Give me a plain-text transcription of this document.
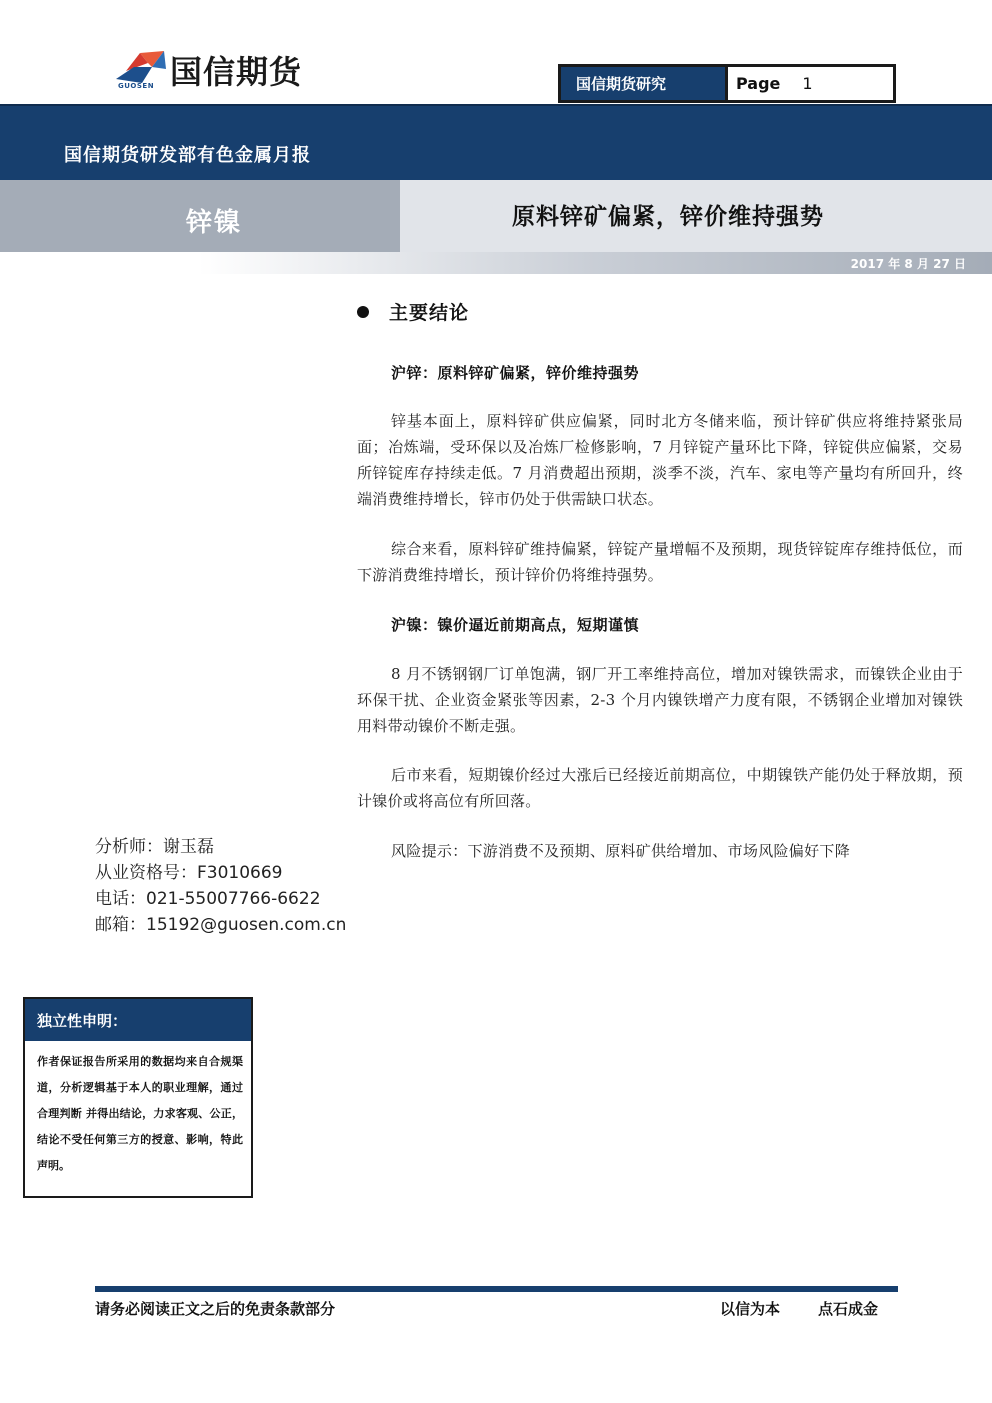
GUOSEN 国信期货	国信期货研究	Page 1
国信期货研发部有色金属月报
锌镍	原料锌矿偏紧，锌价维持强势
2017 年 8 月 27 日
主要结论
沪锌：原料锌矿偏紧，锌价维持强势

锌基本面上，原料锌矿供应偏紧，同时北方冬储来临，预计锌矿供应将维持紧张局面；冶炼端，受环保以及冶炼厂检修影响，7 月锌锭产量环比下降，锌锭供应偏紧，交易所锌锭库存持续走低。7 月消费超出预期，淡季不淡，汽车、家电等产量均有所回升，终端消费维持增长，锌市仍处于供需缺口状态。

综合来看，原料锌矿维持偏紧，锌锭产量增幅不及预期，现货锌锭库存维持低位，而下游消费维持增长，预计锌价仍将维持强势。

沪镍：镍价逼近前期高点，短期谨慎

8 月不锈钢钢厂订单饱满，钢厂开工率维持高位，增加对镍铁需求，而镍铁企业由于环保干扰、企业资金紧张等因素，2-3 个月内镍铁增产力度有限，不锈钢企业增加对镍铁用料带动镍价不断走强。

后市来看，短期镍价经过大涨后已经接近前期高位，中期镍铁产能仍处于释放期，预计镍价或将高位有所回落。

风险提示：下游消费不及预期、原料矿供给增加、市场风险偏好下降
分析师：谢玉磊
从业资格号：F3010669
电话：021-55007766-6622
邮箱：15192@guosen.com.cn
独立性申明：
作者保证报告所采用的数据均来自合规渠道，分析逻辑基于本人的职业理解，通过合理判断 并得出结论，力求客观、公正，结论不受任何第三方的授意、影响，特此声明。
请务必阅读正文之后的免责条款部分	以信为本	点石成金
